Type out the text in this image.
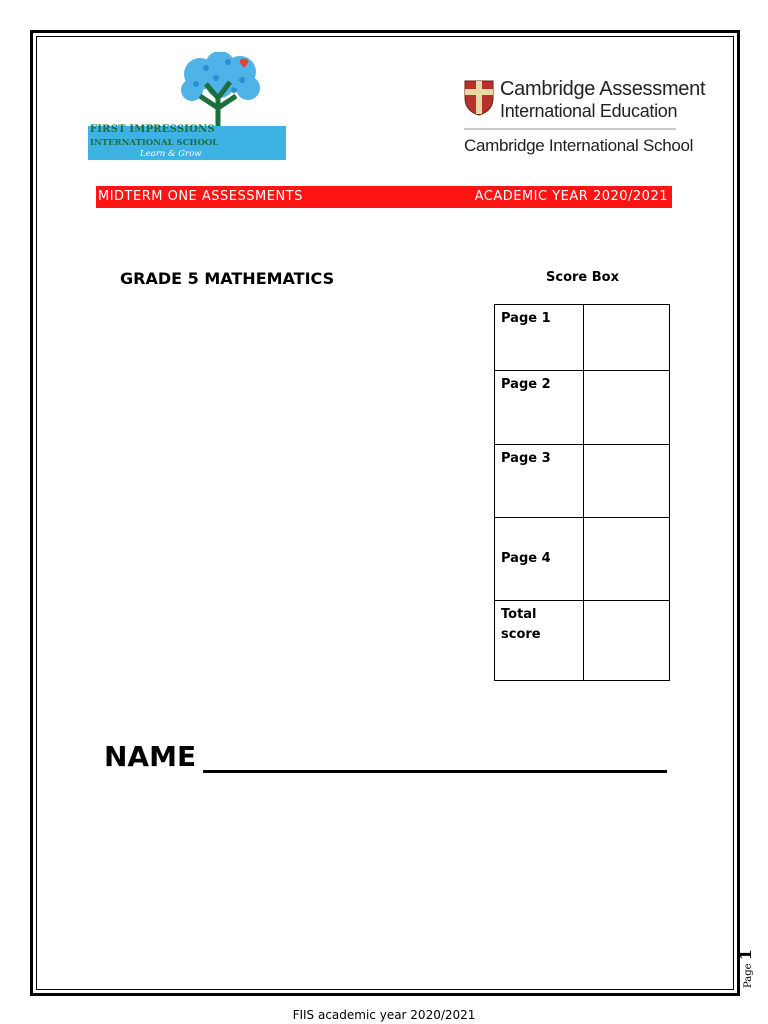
FIRST IMPRESSIONS
INTERNATIONAL SCHOOL
Learn & Grow
Cambridge Assessment
International Education
Cambridge International School
MIDTERM ONE ASSESSMENTS	ACADEMIC YEAR 2020/2021
GRADE 5 MATHEMATICS	Score Box
Page 1	
Page 2	
Page 3	
Page 4	
Total score	
NAME
Page 1
FIIS academic year 2020/2021
